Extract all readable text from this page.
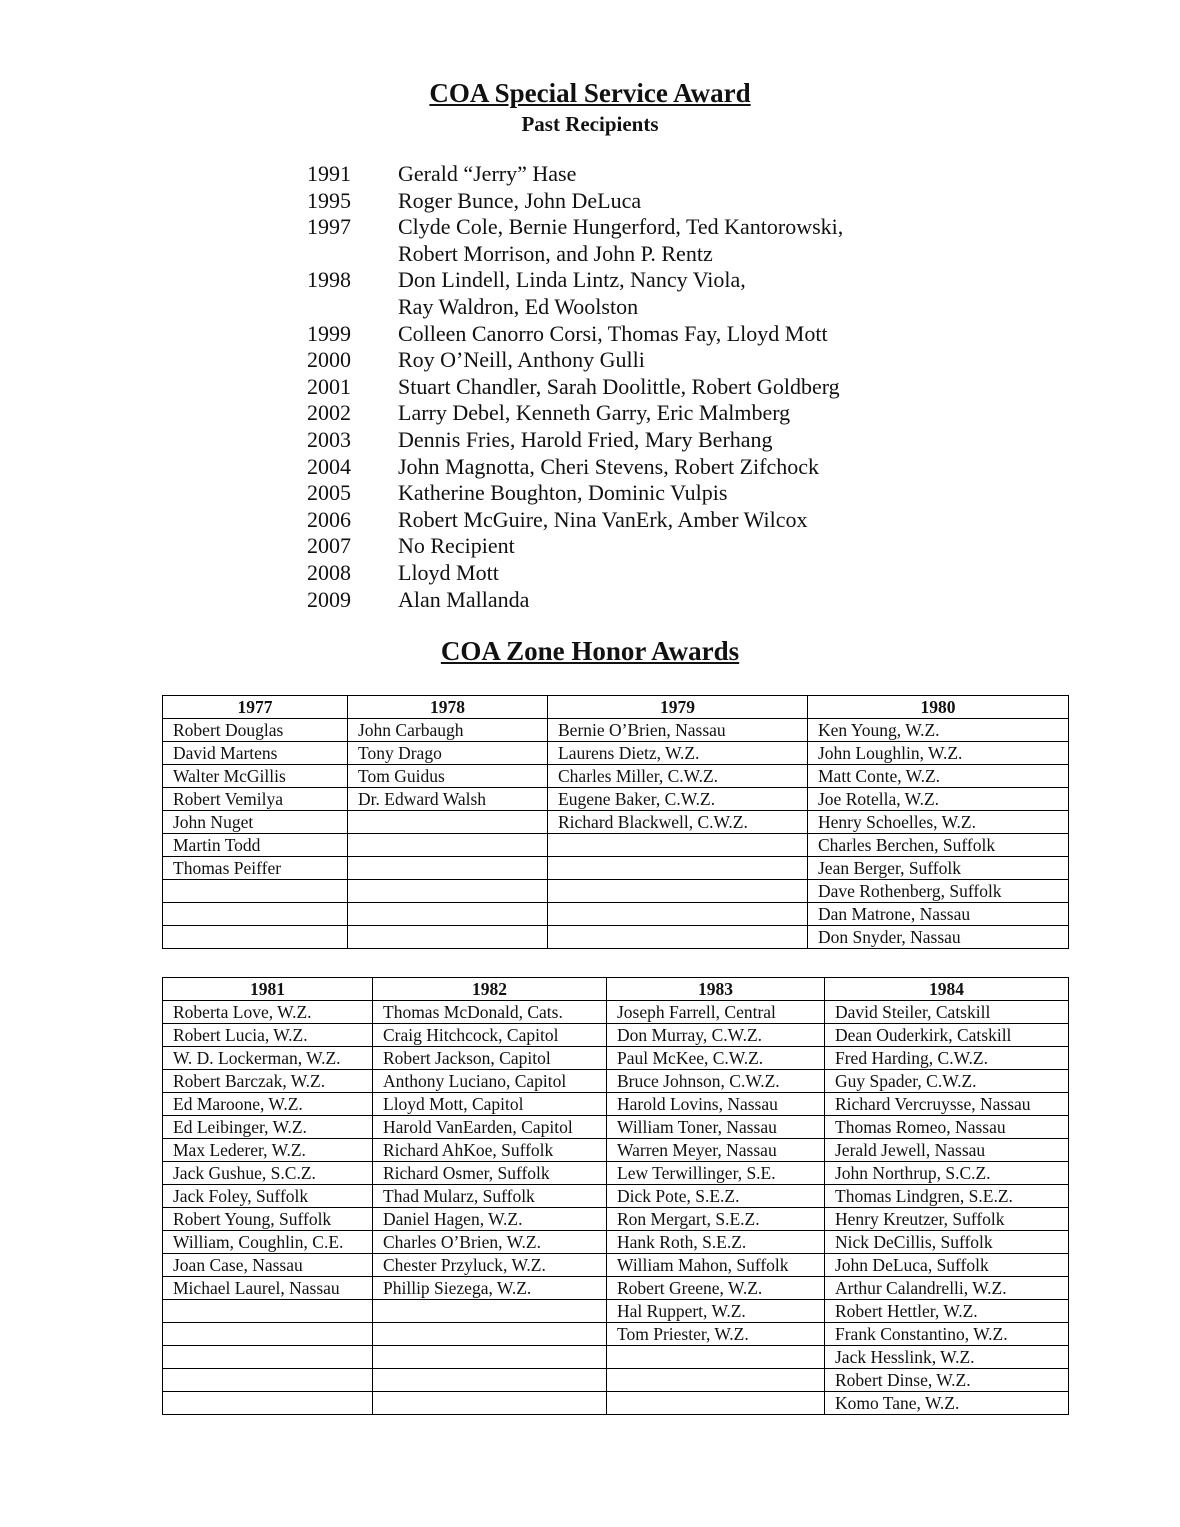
COA Special Service Award
Past Recipients
1991	Gerald “Jerry” Hase
1995	Roger Bunce, John DeLuca
1997	Clyde Cole, Bernie Hungerford, Ted Kantorowski,
Robert Morrison, and John P. Rentz
1998	Don Lindell, Linda Lintz, Nancy Viola,
Ray Waldron, Ed Woolston
1999	Colleen Canorro Corsi, Thomas Fay, Lloyd Mott
2000	Roy O’Neill, Anthony Gulli
2001	Stuart Chandler, Sarah Doolittle, Robert Goldberg
2002	Larry Debel, Kenneth Garry, Eric Malmberg
2003	Dennis Fries, Harold Fried, Mary Berhang
2004	John Magnotta, Cheri Stevens, Robert Zifchock
2005	Katherine Boughton, Dominic Vulpis
2006	Robert McGuire, Nina VanErk, Amber Wilcox
2007	No Recipient
2008	Lloyd Mott
2009	Alan Mallanda
COA Zone Honor Awards
1977	1978	1979	1980
Robert Douglas	John Carbaugh	Bernie O’Brien, Nassau	Ken Young, W.Z.
David Martens	Tony Drago	Laurens Dietz, W.Z.	John Loughlin, W.Z.
Walter McGillis	Tom Guidus	Charles Miller, C.W.Z.	Matt Conte, W.Z.
Robert Vemilya	Dr. Edward Walsh	Eugene Baker, C.W.Z.	Joe Rotella, W.Z.
John Nuget		Richard Blackwell, C.W.Z.	Henry Schoelles, W.Z.
Martin Todd			Charles Berchen, Suffolk
Thomas Peiffer			Jean Berger, Suffolk
			Dave Rothenberg, Suffolk
			Dan Matrone, Nassau
			Don Snyder, Nassau
1981	1982	1983	1984
Roberta Love, W.Z.	Thomas McDonald, Cats.	Joseph Farrell, Central	David Steiler, Catskill
Robert Lucia, W.Z.	Craig Hitchcock, Capitol	Don Murray, C.W.Z.	Dean Ouderkirk, Catskill
W. D. Lockerman, W.Z.	Robert Jackson, Capitol	Paul McKee, C.W.Z.	Fred Harding, C.W.Z.
Robert Barczak, W.Z.	Anthony Luciano, Capitol	Bruce Johnson, C.W.Z.	Guy Spader, C.W.Z.
Ed Maroone, W.Z.	Lloyd Mott, Capitol	Harold Lovins, Nassau	Richard Vercruysse, Nassau
Ed Leibinger, W.Z.	Harold VanEarden, Capitol	William Toner, Nassau	Thomas Romeo, Nassau
Max Lederer, W.Z.	Richard AhKoe, Suffolk	Warren Meyer, Nassau	Jerald Jewell, Nassau
Jack Gushue, S.C.Z.	Richard Osmer, Suffolk	Lew Terwillinger, S.E.	John Northrup, S.C.Z.
Jack Foley, Suffolk	Thad Mularz, Suffolk	Dick Pote, S.E.Z.	Thomas Lindgren, S.E.Z.
Robert Young, Suffolk	Daniel Hagen, W.Z.	Ron Mergart, S.E.Z.	Henry Kreutzer, Suffolk
William, Coughlin, C.E.	Charles O’Brien, W.Z.	Hank Roth, S.E.Z.	Nick DeCillis, Suffolk
Joan Case, Nassau	Chester Przyluck, W.Z.	William Mahon, Suffolk	John DeLuca, Suffolk
Michael Laurel, Nassau	Phillip Siezega, W.Z.	Robert Greene, W.Z.	Arthur Calandrelli, W.Z.
		Hal Ruppert, W.Z.	Robert Hettler, W.Z.
		Tom Priester, W.Z.	Frank Constantino, W.Z.
			Jack Hesslink, W.Z.
			Robert Dinse, W.Z.
			Komo Tane, W.Z.
